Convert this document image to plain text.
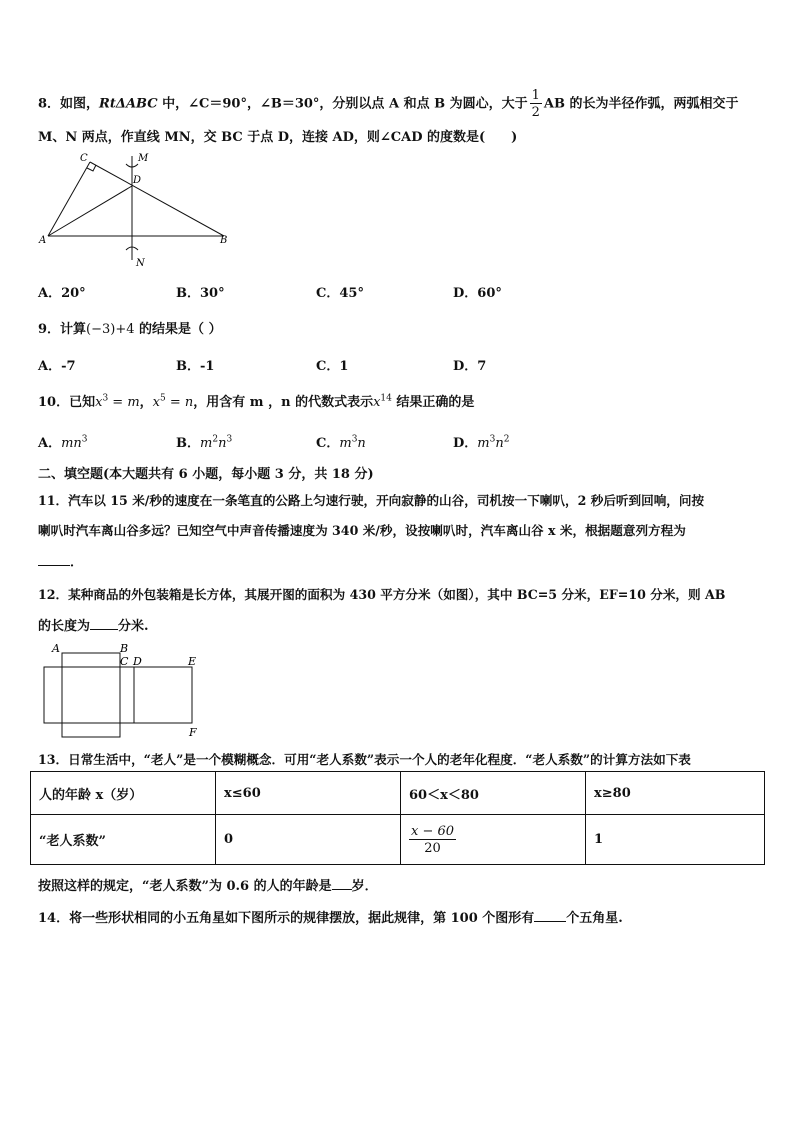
8．如图，RtΔABC 中，∠C＝90°，∠B＝30°，分别以点 A 和点 B 为圆心，大于 $\frac{1}{2}$ AB 的长为半径作弧，两弧相交于
M、N 两点，作直线 MN，交 BC 于点 D，连接 AD，则∠CAD 的度数是(　　)
C	M
D
A	B
N
A．20°	B．30°	C．45°	D．60°
9．计算(−3)+4 的结果是（ ）
A．-7	B．-1	C．1	D．7
10．已知$x^3 = m$，$x^5 = n$，用含有 m ，n 的代数式表示$x^{14}$ 结果正确的是
A．$mn^3$	B．$m^2n^3$	C．$m^3n$	D．$m^3n^2$
二、填空题(本大题共有 6 小题，每小题 3 分，共 18 分)
11．汽车以 15 米/秒的速度在一条笔直的公路上匀速行驶，开向寂静的山谷，司机按一下喇叭，2 秒后听到回响，问按
喇叭时汽车离山谷多远？已知空气中声音传播速度为 340 米/秒，设按喇叭时，汽车离山谷 x 米，根据题意列方程为
．
12．某种商品的外包装箱是长方体，其展开图的面积为 430 平方分米（如图），其中 BC=5 分米，EF=10 分米，则 AB
的长度为 分米.
A	B
C D	E
F
13．日常生活中，“老人”是一个模糊概念．可用“老人系数”表示一个人的老年化程度．“老人系数”的计算方法如下表
人的年龄 x（岁）	x≤60	60＜x＜80	x≥80
“老人系数”	0	$\frac{x - 60}{20}$	1
按照这样的规定，“老人系数”为 0.6 的人的年龄是 岁．
14．将一些形状相同的小五角星如下图所示的规律摆放，据此规律，第 100 个图形有 个五角星.
